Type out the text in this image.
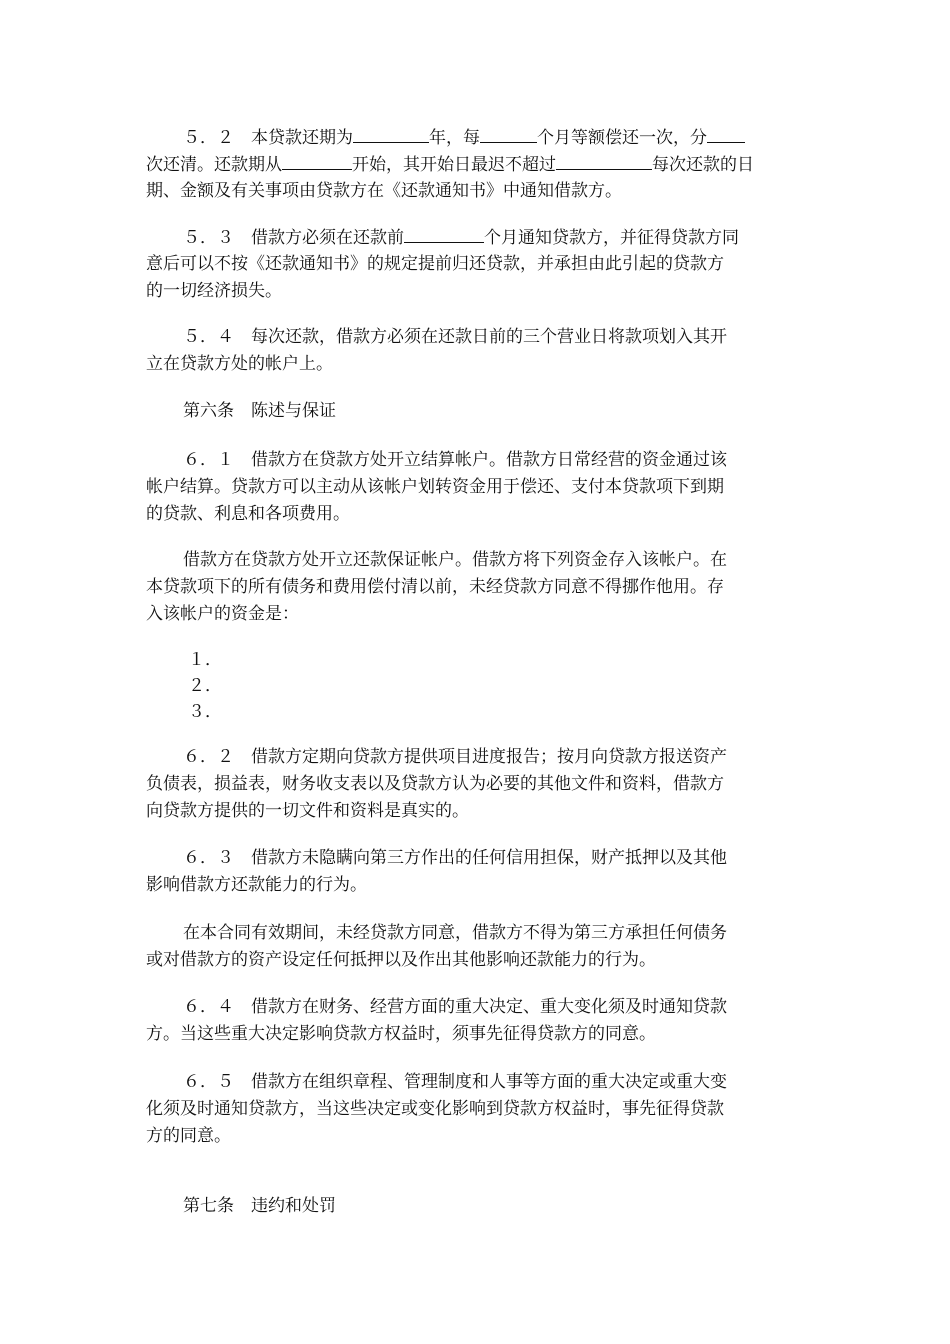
５．２　本贷款还期为	年，每	个月等额偿还一次，分
次还清。还款期从	开始，其开始日最迟不超过	每次还款的日
期、金额及有关事项由贷款方在《还款通知书》中通知借款方。
５．３　借款方必须在还款前	个月通知贷款方，并征得贷款方同
意后可以不按《还款通知书》的规定提前归还贷款，并承担由此引起的贷款方
的一切经济损失。
５．４　每次还款，借款方必须在还款日前的三个营业日将款项划入其开
立在贷款方处的帐户上。
第六条　陈述与保证
６．１　借款方在贷款方处开立结算帐户。借款方日常经营的资金通过该
帐户结算。贷款方可以主动从该帐户划转资金用于偿还、支付本贷款项下到期
的贷款、利息和各项费用。
借款方在贷款方处开立还款保证帐户。借款方将下列资金存入该帐户。在
本贷款项下的所有债务和费用偿付清以前，未经贷款方同意不得挪作他用。存
入该帐户的资金是：
１．
２．
３．
６．２　借款方定期向贷款方提供项目进度报告；按月向贷款方报送资产
负债表，损益表，财务收支表以及贷款方认为必要的其他文件和资料，借款方
向贷款方提供的一切文件和资料是真实的。
６．３　借款方未隐瞒向第三方作出的任何信用担保，财产抵押以及其他
影响借款方还款能力的行为。
在本合同有效期间，未经贷款方同意，借款方不得为第三方承担任何债务
或对借款方的资产设定任何抵押以及作出其他影响还款能力的行为。
６．４　借款方在财务、经营方面的重大决定、重大变化须及时通知贷款
方。当这些重大决定影响贷款方权益时，须事先征得贷款方的同意。
６．５　借款方在组织章程、管理制度和人事等方面的重大决定或重大变
化须及时通知贷款方，当这些决定或变化影响到贷款方权益时，事先征得贷款
方的同意。
第七条　违约和处罚
